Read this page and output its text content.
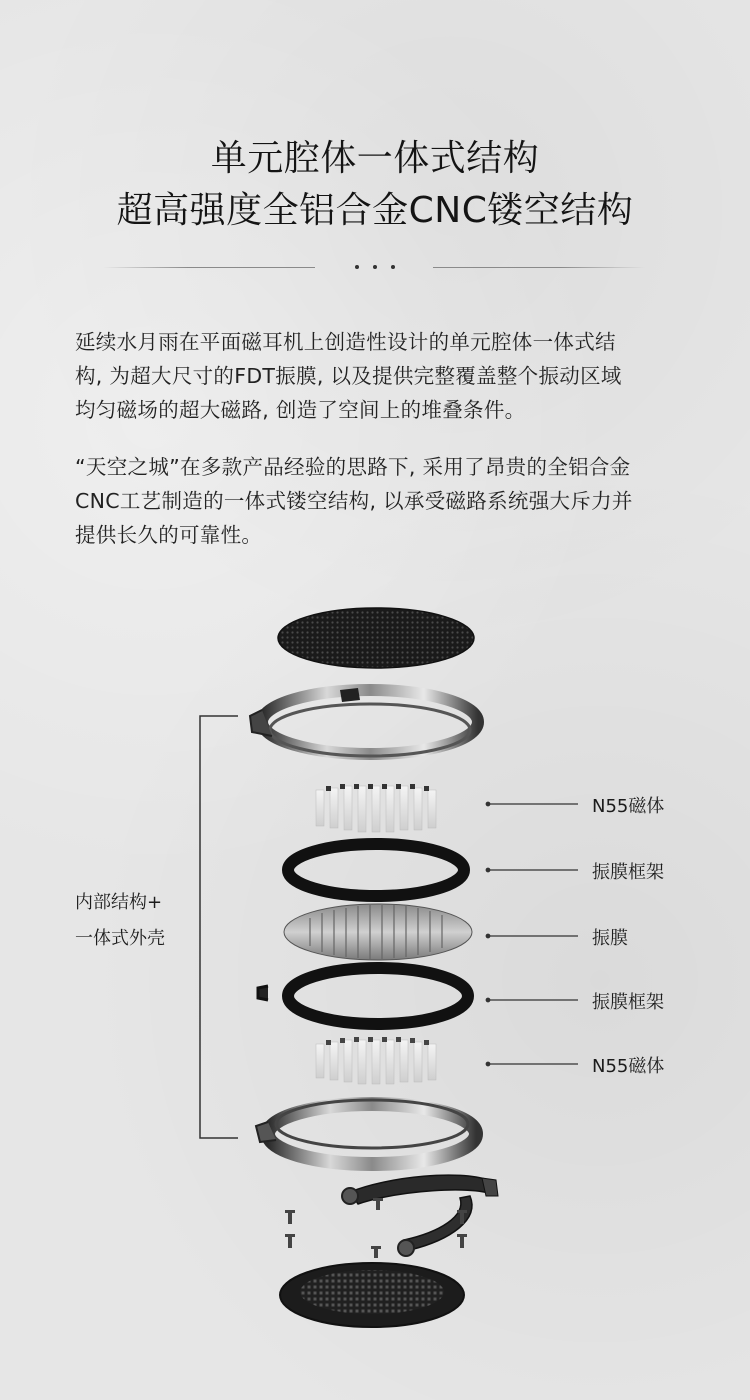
单元腔体一体式结构
超高强度全铝合金CNC镂空结构
延续水月雨在平面磁耳机上创造性设计的单元腔体一体式结
构, 为超大尺寸的FDT振膜, 以及提供完整覆盖整个振动区域
均匀磁场的超大磁路, 创造了空间上的堆叠条件。
“天空之城”在多款产品经验的思路下, 采用了昂贵的全铝合金
CNC工艺制造的一体式镂空结构, 以承受磁路系统强大斥力并
提供长久的可靠性。
内部结构+
一体式外壳
N55磁体
振膜框架
振膜
振膜框架
N55磁体
